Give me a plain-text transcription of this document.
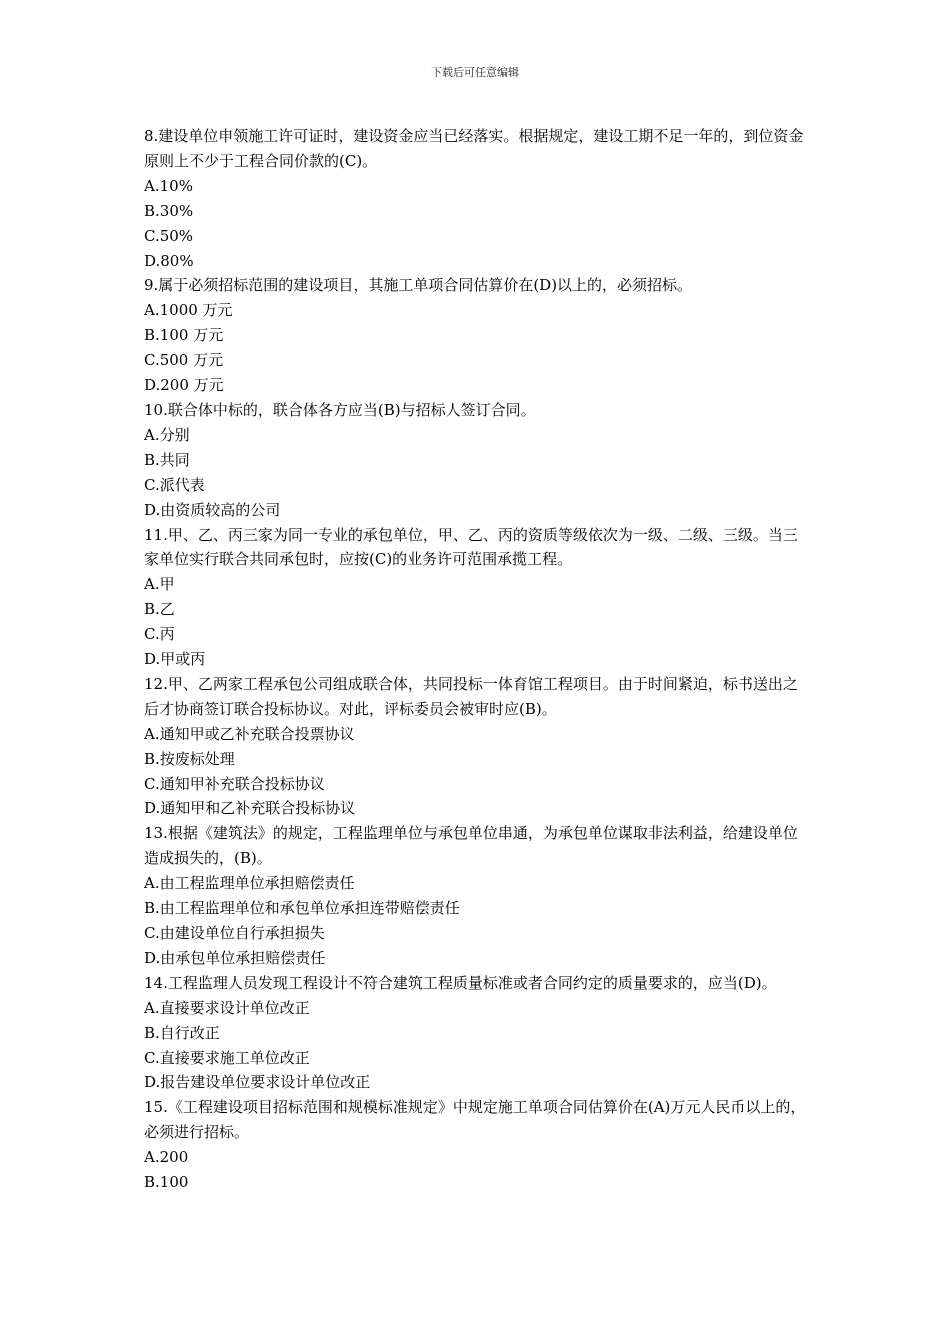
下载后可任意编辑

8.建设单位申领施工许可证时，建设资金应当已经落实。根据规定，建设工期不足一年的，到位资金原则上不少于工程合同价款的(C)。

A.10%

B.30%

C.50%

D.80%

9.属于必须招标范围的建设项目，其施工单项合同估算价在(D)以上的，必须招标。

A.1000 万元

B.100 万元

C.500 万元

D.200 万元

10.联合体中标的，联合体各方应当(B)与招标人签订合同。

A.分别

B.共同

C.派代表

D.由资质较高的公司

11.甲、乙、丙三家为同一专业的承包单位，甲、乙、丙的资质等级依次为一级、二级、三级。当三家单位实行联合共同承包时，应按(C)的业务许可范围承揽工程。

A.甲

B.乙

C.丙

D.甲或丙

12.甲、乙两家工程承包公司组成联合体，共同投标一体育馆工程项目。由于时间紧迫，标书送出之后才协商签订联合投标协议。对此，评标委员会被审时应(B)。

A.通知甲或乙补充联合投票协议

B.按废标处理

C.通知甲补充联合投标协议

D.通知甲和乙补充联合投标协议

13.根据《建筑法》的规定，工程监理单位与承包单位串通，为承包单位谋取非法利益，给建设单位造成损失的，(B)。

A.由工程监理单位承担赔偿责任

B.由工程监理单位和承包单位承担连带赔偿责任

C.由建设单位自行承担损失

D.由承包单位承担赔偿责任

14.工程监理人员发现工程设计不符合建筑工程质量标准或者合同约定的质量要求的，应当(D)。

A.直接要求设计单位改正

B.自行改正

C.直接要求施工单位改正

D.报告建设单位要求设计单位改正

15.《工程建设项目招标范围和规模标准规定》中规定施工单项合同估算价在(A)万元人民币以上的，必须进行招标。

A.200

B.100
